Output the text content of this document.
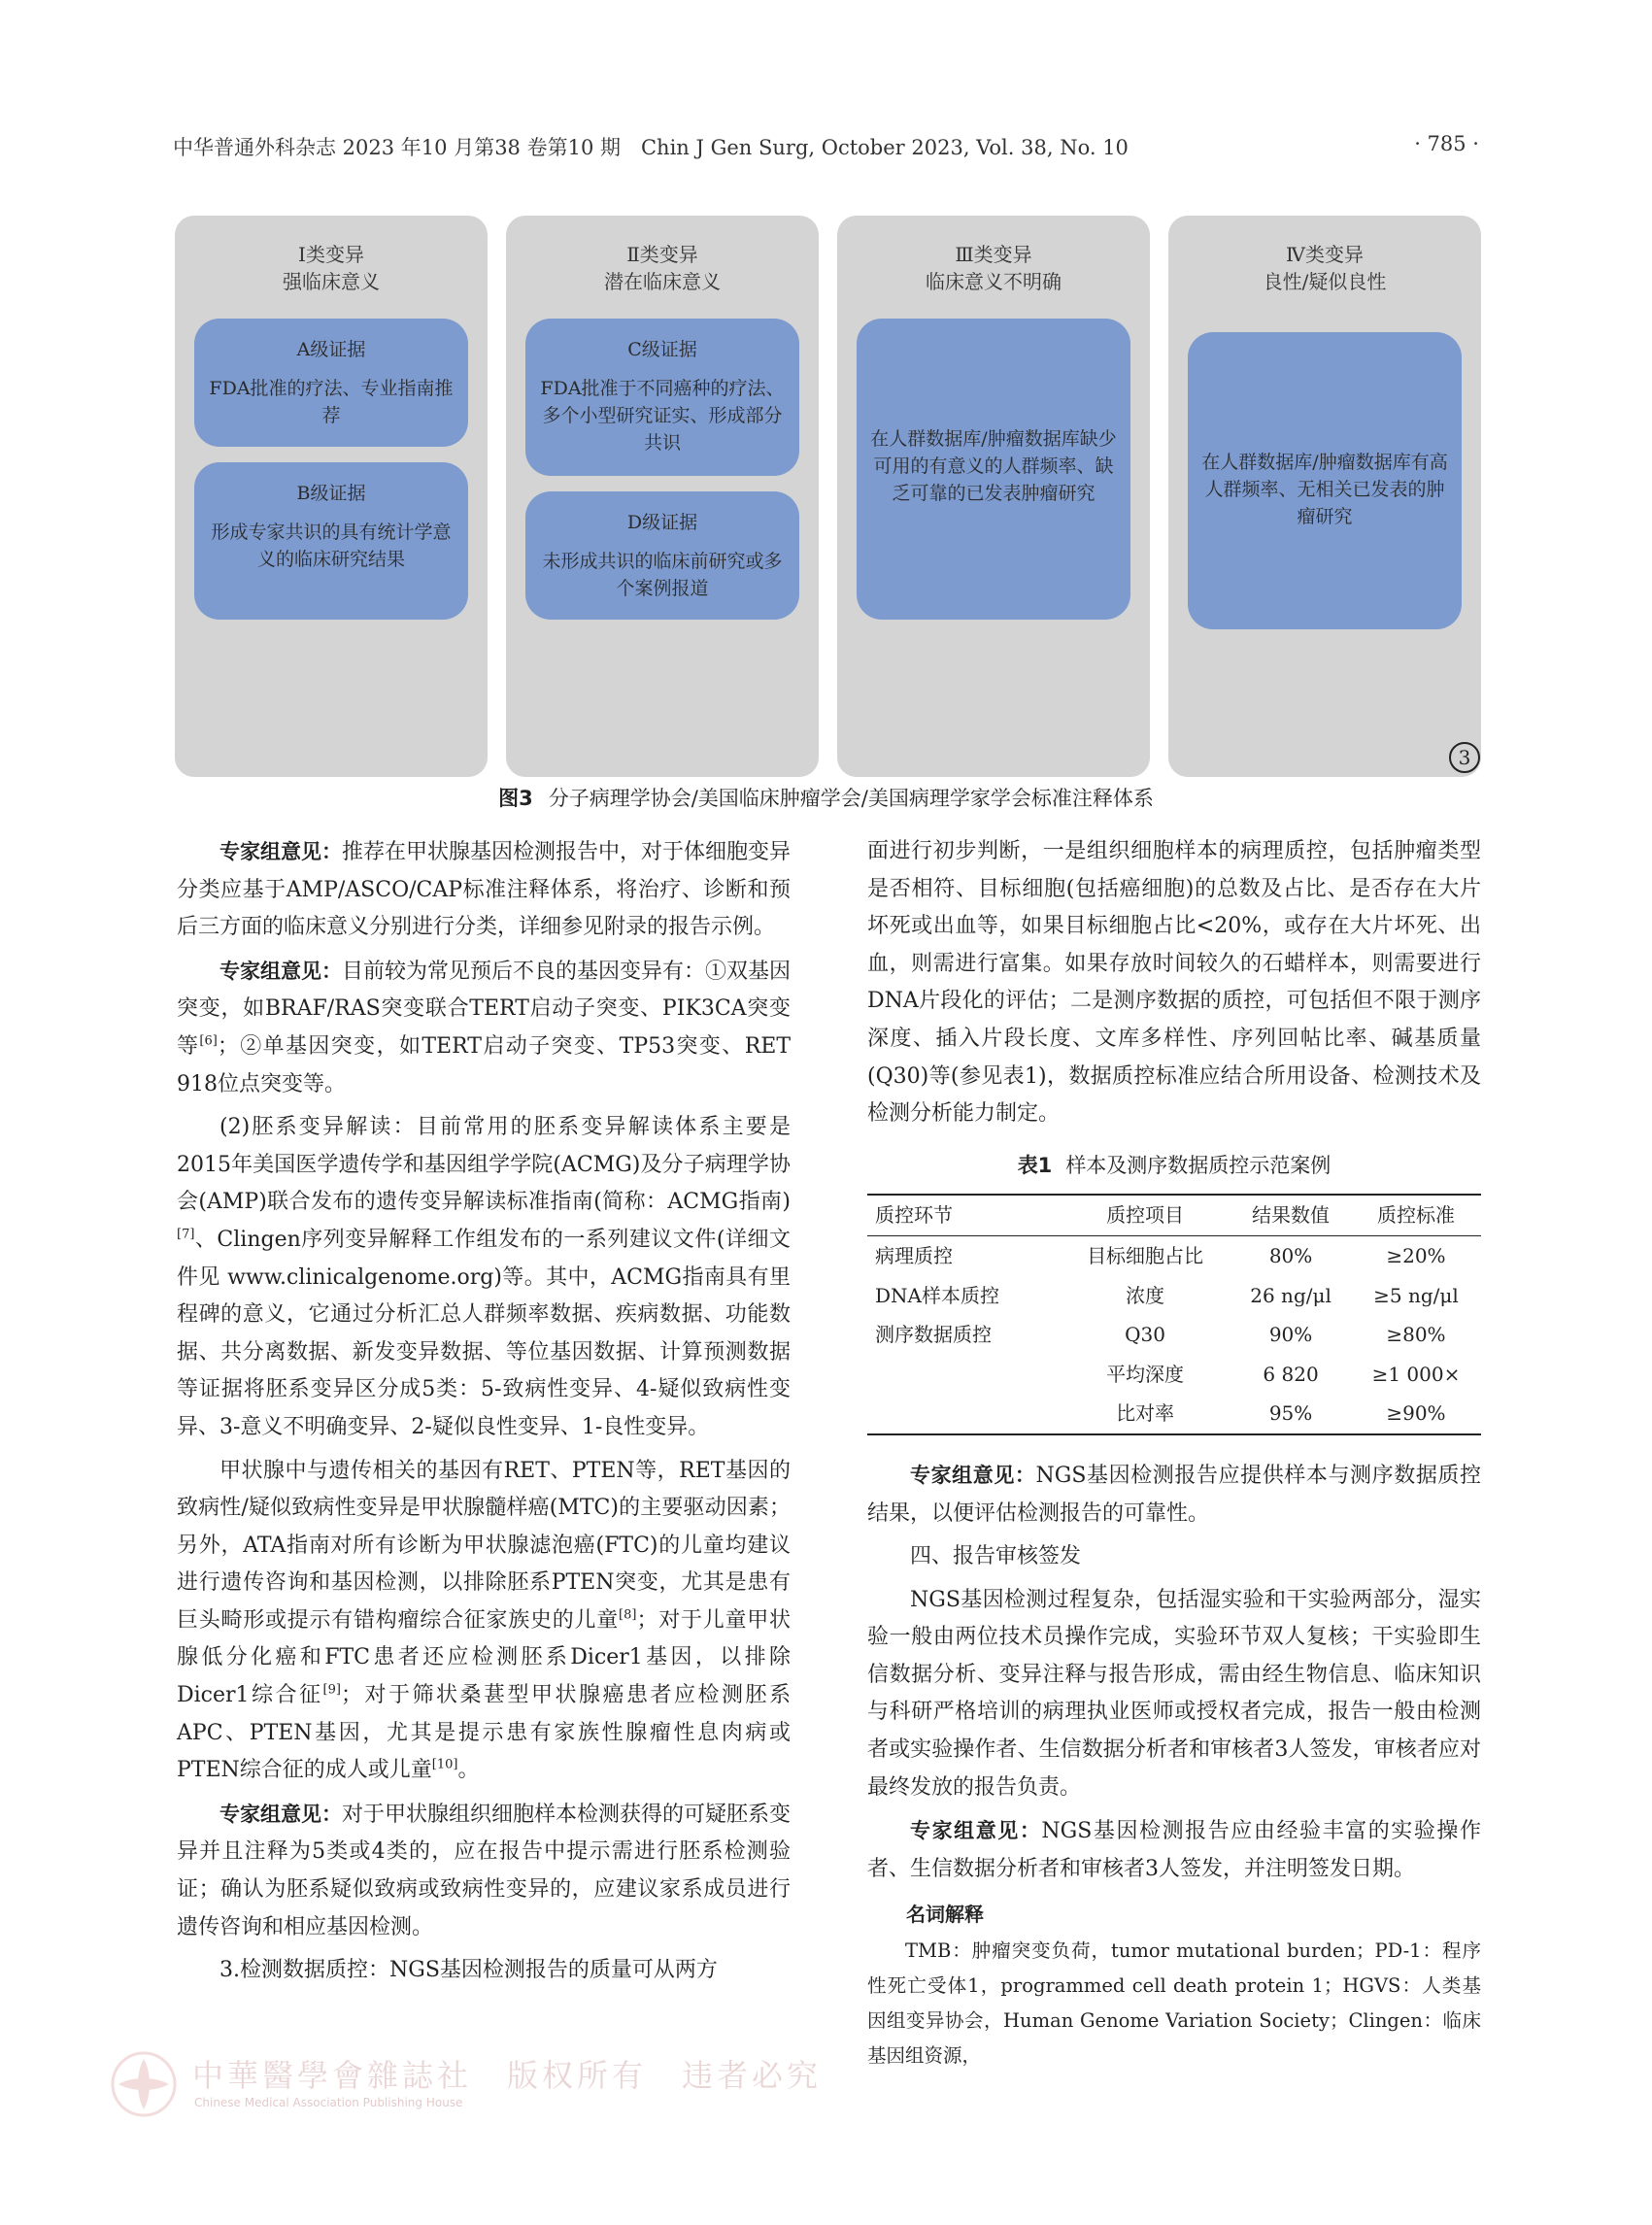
中华普通外科杂志 2023 年10 月第38 卷第10 期　Chin J Gen Surg, October 2023, Vol. 38, No. 10	· 785 ·
Ⅰ类变异
强临床意义
A级证据
FDA批准的疗法、专业指南推荐
B级证据
形成专家共识的具有统计学意义的临床研究结果
Ⅱ类变异
潜在临床意义
C级证据
FDA批准于不同癌种的疗法、多个小型研究证实、形成部分共识
D级证据
未形成共识的临床前研究或多个案例报道
Ⅲ类变异
临床意义不明确
在人群数据库/肿瘤数据库缺少可用的有意义的人群频率、缺乏可靠的已发表肿瘤研究
Ⅳ类变异
良性/疑似良性
在人群数据库/肿瘤数据库有高人群频率、无相关已发表的肿瘤研究
3
图3 分子病理学协会/美国临床肿瘤学会/美国病理学家学会标准注释体系

专家组意见：推荐在甲状腺基因检测报告中，对于体细胞变异分类应基于AMP/ASCO/CAP标准注释体系，将治疗、诊断和预后三方面的临床意义分别进行分类，详细参见附录的报告示例。

专家组意见：目前较为常见预后不良的基因变异有：①双基因突变，如BRAF/RAS突变联合TERT启动子突变、PIK3CA突变等[6]；②单基因突变，如TERT启动子突变、TP53突变、RET 918位点突变等。

(2)胚系变异解读：目前常用的胚系变异解读体系主要是2015年美国医学遗传学和基因组学学院(ACMG)及分子病理学协会(AMP)联合发布的遗传变异解读标准指南(简称：ACMG指南)[7]、Clingen序列变异解释工作组发布的一系列建议文件(详细文件见 www.clinicalgenome.org)等。其中，ACMG指南具有里程碑的意义，它通过分析汇总人群频率数据、疾病数据、功能数据、共分离数据、新发变异数据、等位基因数据、计算预测数据等证据将胚系变异区分成5类：5-致病性变异、4-疑似致病性变异、3-意义不明确变异、2-疑似良性变异、1-良性变异。

甲状腺中与遗传相关的基因有RET、PTEN等，RET基因的致病性/疑似致病性变异是甲状腺髓样癌(MTC)的主要驱动因素；另外，ATA指南对所有诊断为甲状腺滤泡癌(FTC)的儿童均建议进行遗传咨询和基因检测，以排除胚系PTEN突变，尤其是患有巨头畸形或提示有错构瘤综合征家族史的儿童[8]；对于儿童甲状腺低分化癌和FTC患者还应检测胚系Dicer1基因，以排除Dicer1综合征[9]；对于筛状桑葚型甲状腺癌患者应检测胚系APC、PTEN基因，尤其是提示患有家族性腺瘤性息肉病或PTEN综合征的成人或儿童[10]。

专家组意见：对于甲状腺组织细胞样本检测获得的可疑胚系变异并且注释为5类或4类的，应在报告中提示需进行胚系检测验证；确认为胚系疑似致病或致病性变异的，应建议家系成员进行遗传咨询和相应基因检测。

3.检测数据质控：NGS基因检测报告的质量可从两方

面进行初步判断，一是组织细胞样本的病理质控，包括肿瘤类型是否相符、目标细胞(包括癌细胞)的总数及占比、是否存在大片坏死或出血等，如果目标细胞占比<20%，或存在大片坏死、出血，则需进行富集。如果存放时间较久的石蜡样本，则需要进行DNA片段化的评估；二是测序数据的质控，可包括但不限于测序深度、插入片段长度、文库多样性、序列回帖比率、碱基质量(Q30)等(参见表1)，数据质控标准应结合所用设备、检测技术及检测分析能力制定。

表1 样本及测序数据质控示范案例
质控环节	质控项目	结果数值	质控标准
病理质控	目标细胞占比	80%	≥20%
DNA样本质控	浓度	26 ng/μl	≥5 ng/μl
测序数据质控	Q30	90%	≥80%
	平均深度	6 820	≥1 000×
	比对率	95%	≥90%

专家组意见：NGS基因检测报告应提供样本与测序数据质控结果，以便评估检测报告的可靠性。

四、报告审核签发

NGS基因检测过程复杂，包括湿实验和干实验两部分，湿实验一般由两位技术员操作完成，实验环节双人复核；干实验即生信数据分析、变异注释与报告形成，需由经生物信息、临床知识与科研严格培训的病理执业医师或授权者完成，报告一般由检测者或实验操作者、生信数据分析者和审核者3人签发，审核者应对最终发放的报告负责。

专家组意见：NGS基因检测报告应由经验丰富的实验操作者、生信数据分析者和审核者3人签发，并注明签发日期。

名词解释
TMB：肿瘤突变负荷，tumor mutational burden；PD-1：程序性死亡受体1，programmed cell death protein 1；HGVS：人类基因组变异协会，Human Genome Variation Society；Clingen：临床基因组资源，
中華醫學會雜誌社　版权所有　违者必究
Chinese Medical Association Publishing House
